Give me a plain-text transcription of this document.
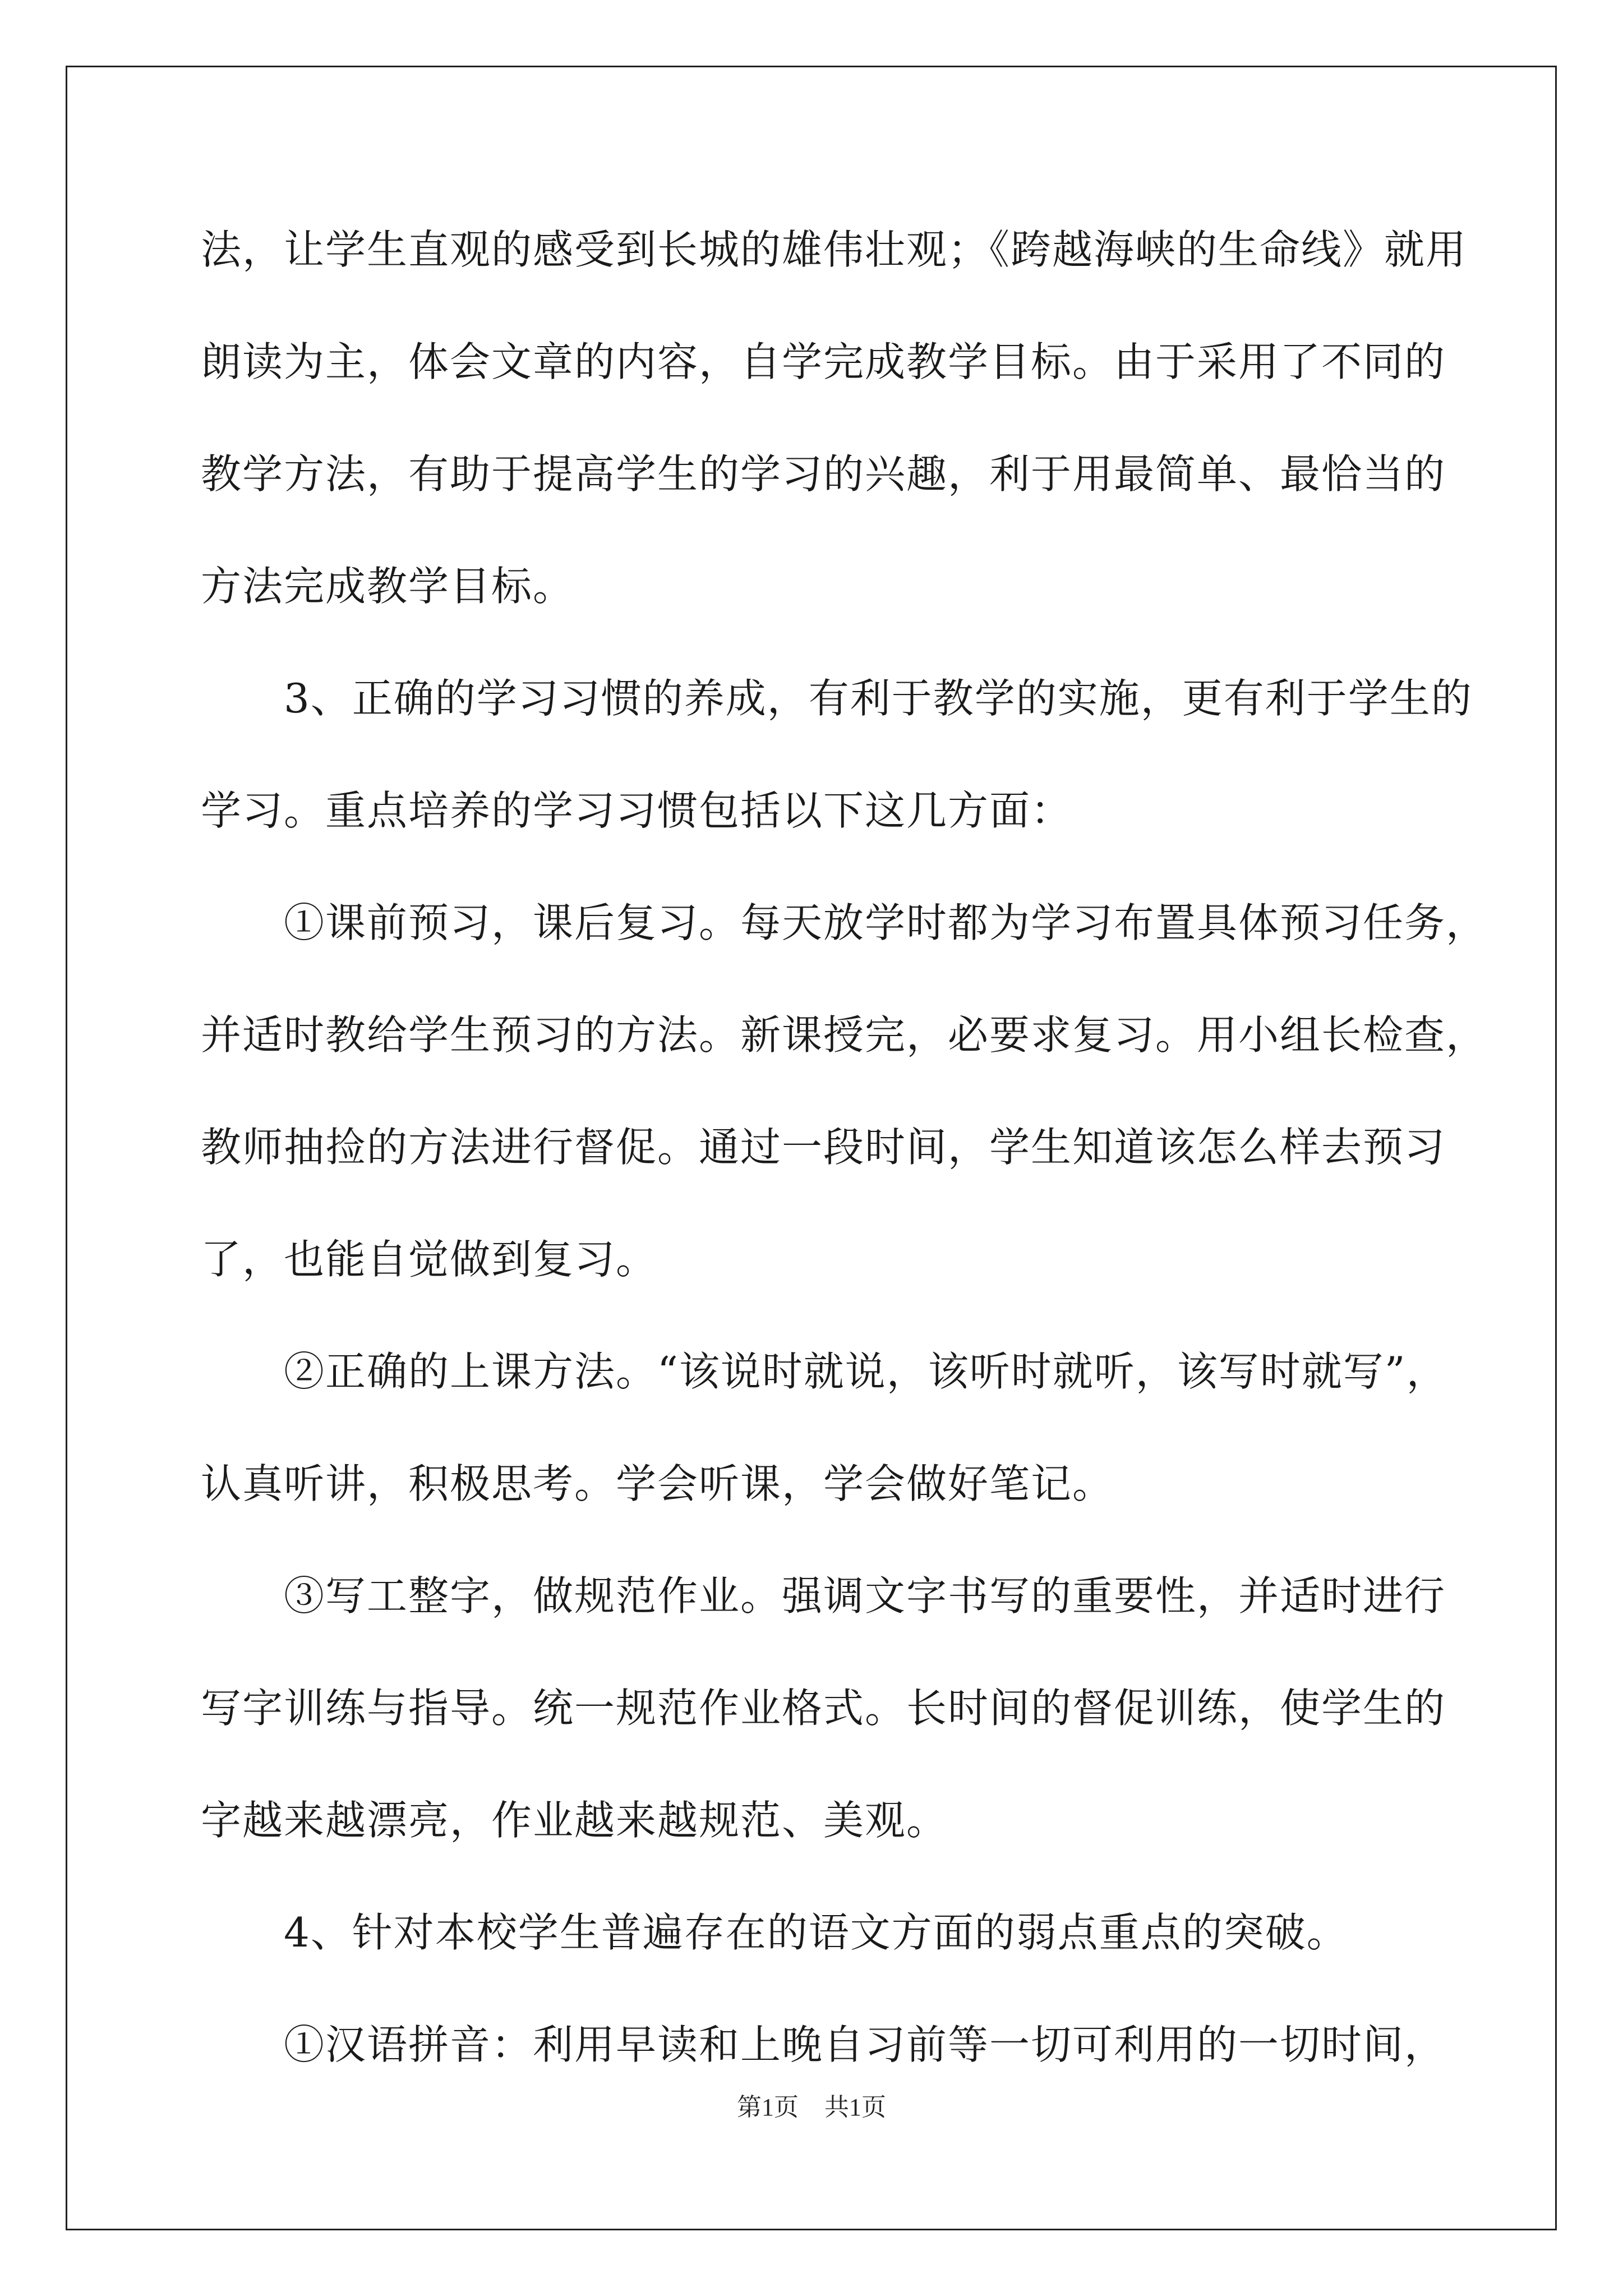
法，让学生直观的感受到长城的雄伟壮观；《跨越海峡的生命线》就用
朗读为主，体会文章的内容，自学完成教学目标。由于采用了不同的
教学方法，有助于提高学生的学习的兴趣，利于用最简单、最恰当的
方法完成教学目标。
　　3、正确的学习习惯的养成，有利于教学的实施，更有利于学生的
学习。重点培养的学习习惯包括以下这几方面：
　　①课前预习，课后复习。每天放学时都为学习布置具体预习任务，
并适时教给学生预习的方法。新课授完，必要求复习。用小组长检查，
教师抽捡的方法进行督促。通过一段时间，学生知道该怎么样去预习
了，也能自觉做到复习。
　　②正确的上课方法。“该说时就说，该听时就听，该写时就写”，
认真听讲，积极思考。学会听课，学会做好笔记。
　　③写工整字，做规范作业。强调文字书写的重要性，并适时进行
写字训练与指导。统一规范作业格式。长时间的督促训练，使学生的
字越来越漂亮，作业越来越规范、美观。
　　4、针对本校学生普遍存在的语文方面的弱点重点的突破。
　　①汉语拼音：利用早读和上晚自习前等一切可利用的一切时间，
第1页 共1页
